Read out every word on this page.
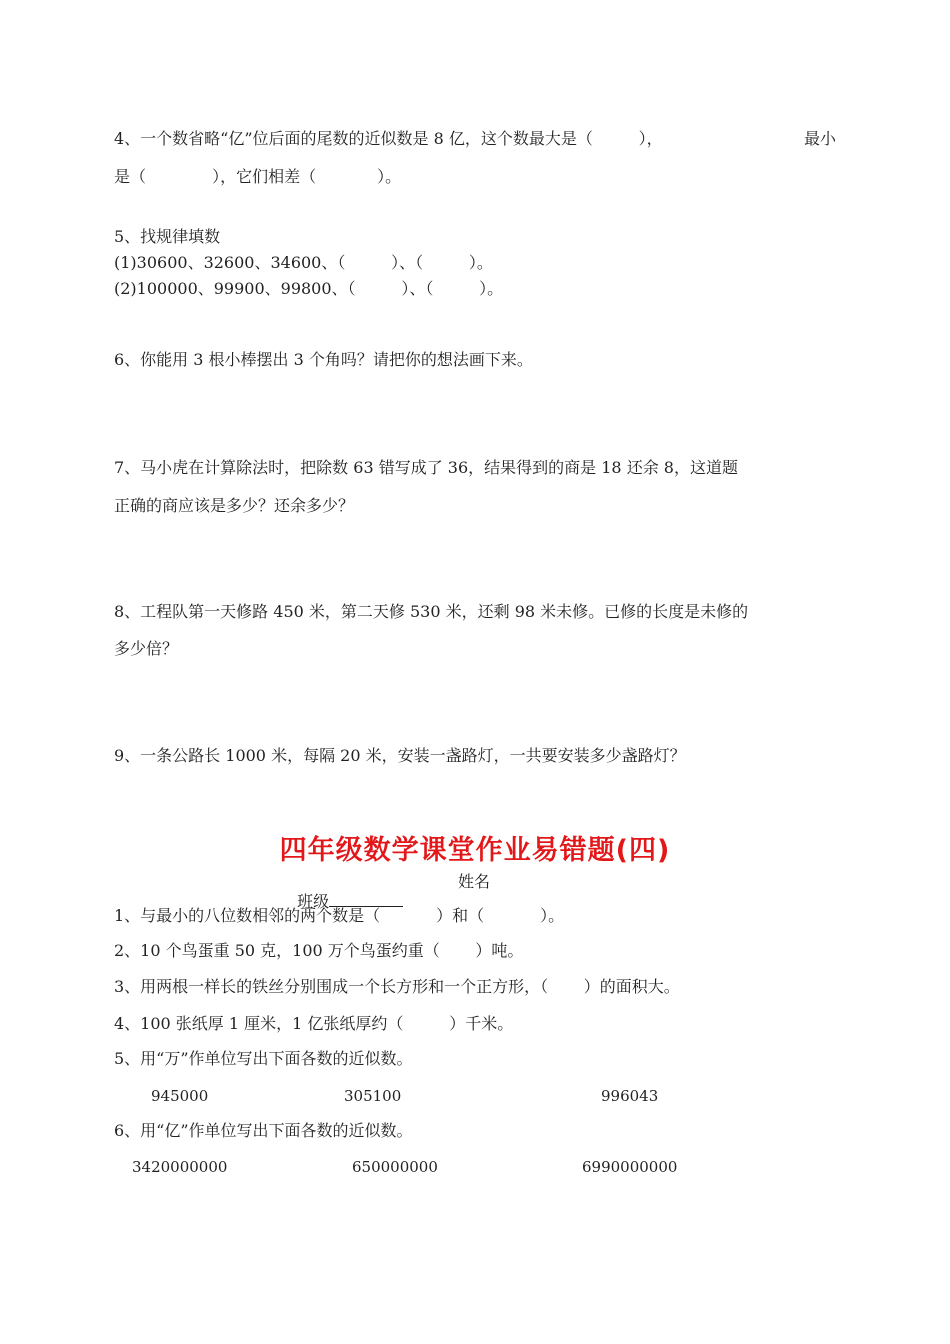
4、一个数省略“亿”位后面的尾数的近似数是 8 亿，这个数最大是（         ），	最小
是（             ），它们相差（            ）。
5、找规律填数
(1)30600、32600、34600、（         ）、（         ）。
(2)100000、99900、99800、（         ）、（         ）。
6、你能用 3 根小棒摆出 3 个角吗？请把你的想法画下来。
7、马小虎在计算除法时，把除数 63 错写成了 36，结果得到的商是 18 还余 8，这道题
正确的商应该是多少？还余多少？
8、工程队第一天修路 450 米，第二天修 530 米，还剩 98 米未修。已修的长度是未修的
多少倍？
9、一条公路长 1000 米，每隔 20 米，安装一盏路灯，一共要安装多少盏路灯？
四年级数学课堂作业易错题(四)

班级

姓名
1、与最小的八位数相邻的两个数是（           ）和（           ）。
2、10 个鸟蛋重 50 克，100 万个鸟蛋约重（       ）吨。
3、用两根一样长的铁丝分别围成一个长方形和一个正方形，（       ）的面积大。
4、100 张纸厚 1 厘米，1 亿张纸厚约（         ）千米。
5、用“万”作单位写出下面各数的近似数。
945000	305100	996043
6、用“亿”作单位写出下面各数的近似数。
3420000000	650000000	6990000000
